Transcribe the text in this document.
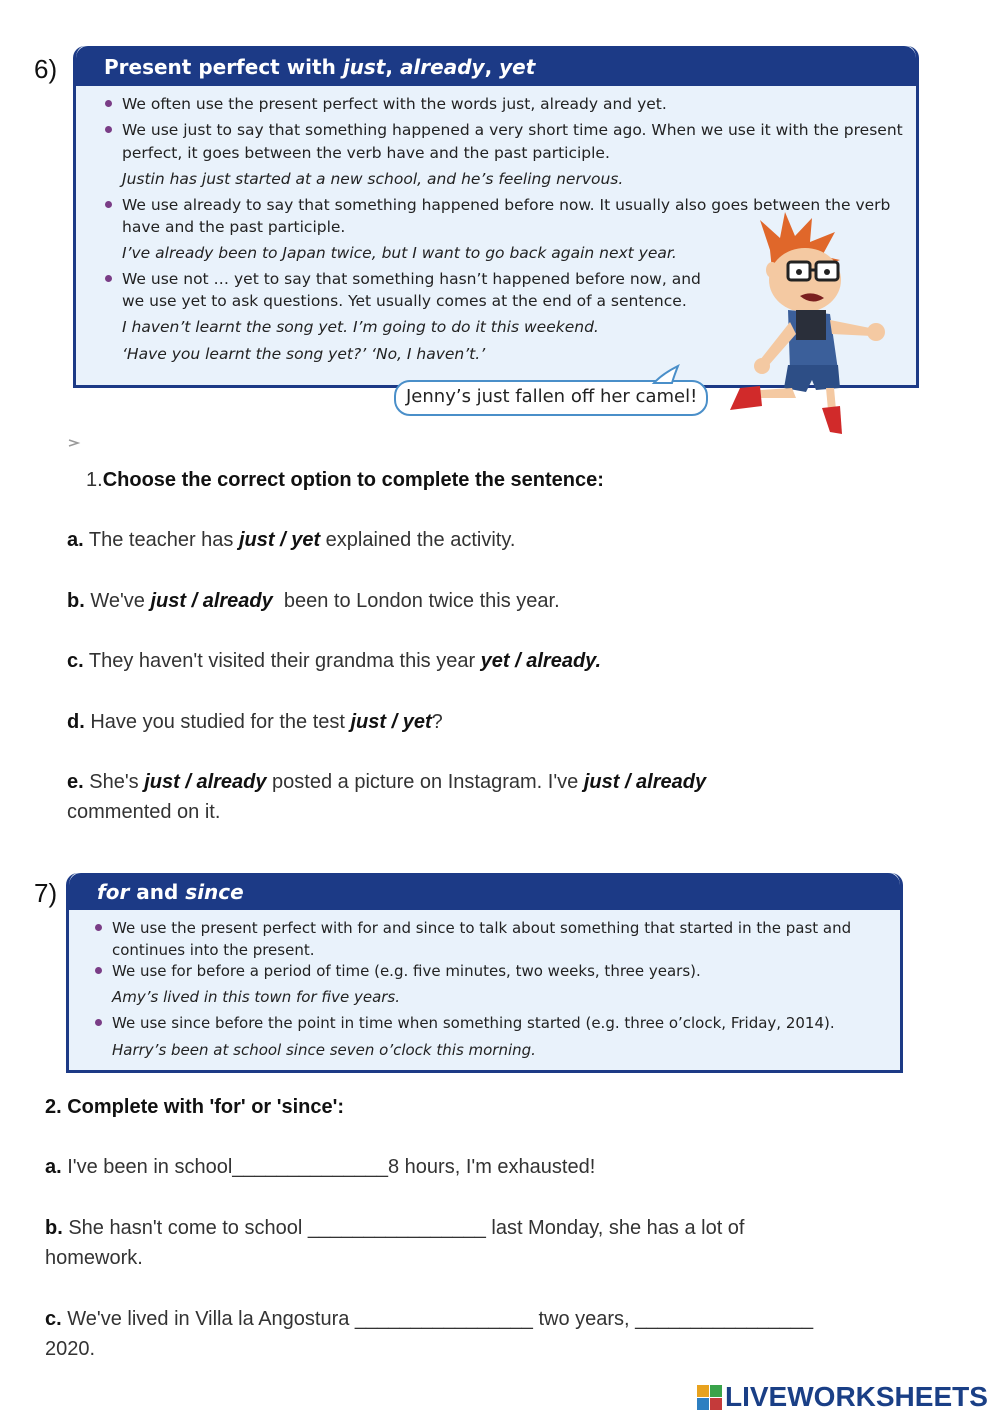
6)	Present perfect with just, already, yet
We often use the present perfect with the words just, already and yet.
We use just to say that something happened a very short time ago. When we use it with the present
perfect, it goes between the verb have and the past participle.
Justin has just started at a new school, and he’s feeling nervous.
We use already to say that something happened before now. It usually also goes between the verb
have and the past participle.
I’ve already been to Japan twice, but I want to go back again next year.
We use not … yet to say that something hasn’t happened before now, and
we use yet to ask questions. Yet usually comes at the end of a sentence.
I haven’t learnt the song yet. I’m going to do it this weekend.
‘Have you learnt the song yet?’ ‘No, I haven’t.’
Jenny’s just fallen off her camel!
1.Choose the correct option to complete the sentence:
a. The teacher has just / yet explained the activity.
b. We've just / already  been to London twice this year.
c. They haven't visited their grandma this year yet / already.
d. Have you studied for the test just / yet?
e. She's just / already posted a picture on Instagram. I've just / already
commented on it.
7)	for and since
We use the present perfect with for and since to talk about something that started in the past and
continues into the present.
We use for before a period of time (e.g. five minutes, two weeks, three years).
Amy’s lived in this town for five years.
We use since before the point in time when something started (e.g. three o’clock, Friday, 2014).
Harry’s been at school since seven o’clock this morning.
2. Complete with 'for' or 'since':
a. I've been in school______________8 hours, I'm exhausted!
b. She hasn't come to school ________________ last Monday, she has a lot of
homework.
c. We've lived in Villa la Angostura ________________ two years, ________________
2020.
LIVEWORKSHEETS
